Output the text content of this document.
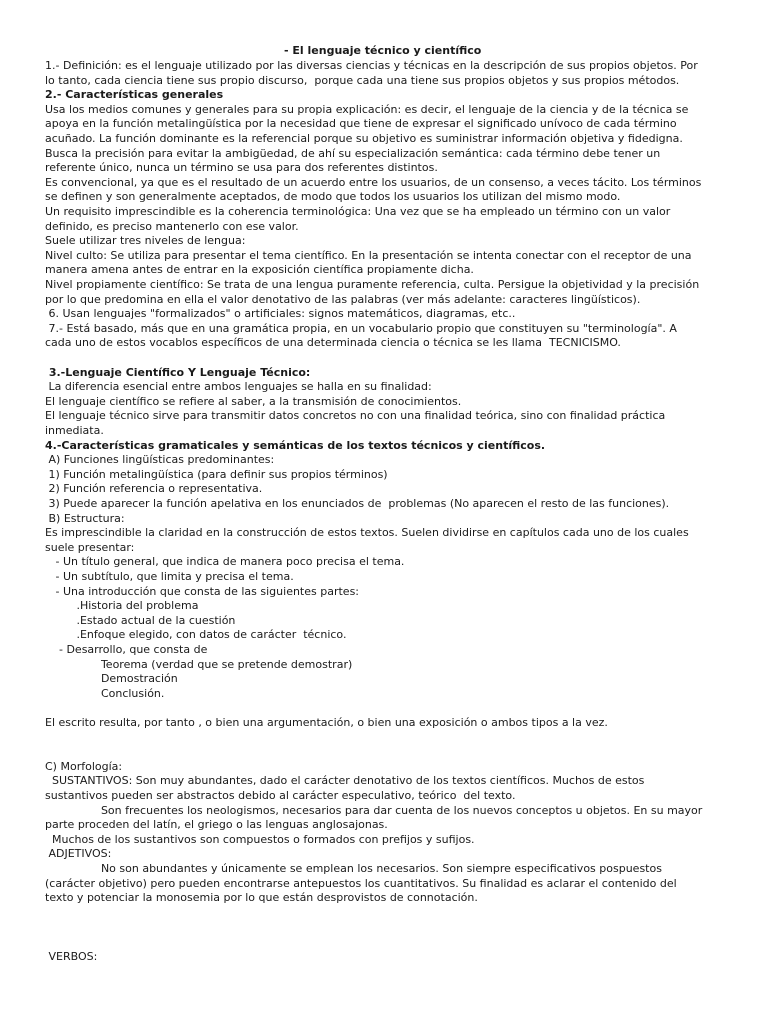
- El lenguaje técnico y científico
1.- Definición: es el lenguaje utilizado por las diversas ciencias y técnicas en la descripción de sus propios objetos. Por
lo tanto, cada ciencia tiene sus propio discurso,  porque cada una tiene sus propios objetos y sus propios métodos.
2.- Características generales
Usa los medios comunes y generales para su propia explicación: es decir, el lenguaje de la ciencia y de la técnica se
apoya en la función metalingüística por la necesidad que tiene de expresar el significado unívoco de cada término
acuñado. La función dominante es la referencial porque su objetivo es suministrar información objetiva y fidedigna.
Busca la precisión para evitar la ambigüedad, de ahí su especialización semántica: cada término debe tener un
referente único, nunca un término se usa para dos referentes distintos.
Es convencional, ya que es el resultado de un acuerdo entre los usuarios, de un consenso, a veces tácito. Los términos
se definen y son generalmente aceptados, de modo que todos los usuarios los utilizan del mismo modo.
Un requisito imprescindible es la coherencia terminológica: Una vez que se ha empleado un término con un valor
definido, es preciso mantenerlo con ese valor.
Suele utilizar tres niveles de lengua:
Nivel culto: Se utiliza para presentar el tema científico. En la presentación se intenta conectar con el receptor de una
manera amena antes de entrar en la exposición científica propiamente dicha.
Nivel propiamente científico: Se trata de una lengua puramente referencia, culta. Persigue la objetividad y la precisión
por lo que predomina en ella el valor denotativo de las palabras (ver más adelante: caracteres lingüísticos).
6. Usan lenguajes "formalizados" o artificiales: signos matemáticos, diagramas, etc..
7.- Está basado, más que en una gramática propia, en un vocabulario propio que constituyen su "terminología". A
cada uno de estos vocablos específicos de una determinada ciencia o técnica se les llama  TECNICISMO.
3.-Lenguaje Científico Y Lenguaje Técnico:
La diferencia esencial entre ambos lenguajes se halla en su finalidad:
El lenguaje científico se refiere al saber, a la transmisión de conocimientos.
El lenguaje técnico sirve para transmitir datos concretos no con una finalidad teórica, sino con finalidad práctica
inmediata.
4.-Características gramaticales y semánticas de los textos técnicos y científicos.
A) Funciones lingüísticas predominantes:
1) Función metalingüística (para definir sus propios términos)
2) Función referencia o representativa.
3) Puede aparecer la función apelativa en los enunciados de  problemas (No aparecen el resto de las funciones).
B) Estructura:
Es imprescindible la claridad en la construcción de estos textos. Suelen dividirse en capítulos cada uno de los cuales
suele presentar:
- Un título general, que indica de manera poco precisa el tema.
- Un subtítulo, que limita y precisa el tema.
- Una introducción que consta de las siguientes partes:
.Historia del problema
.Estado actual de la cuestión
.Enfoque elegido, con datos de carácter  técnico.
- Desarrollo, que consta de
Teorema (verdad que se pretende demostrar)
Demostración
Conclusión.
El escrito resulta, por tanto , o bien una argumentación, o bien una exposición o ambos tipos a la vez.
C) Morfología:
SUSTANTIVOS: Son muy abundantes, dado el carácter denotativo de los textos científicos. Muchos de estos
sustantivos pueden ser abstractos debido al carácter especulativo, teórico  del texto.
Son frecuentes los neologismos, necesarios para dar cuenta de los nuevos conceptos u objetos. En su mayor
parte proceden del latín, el griego o las lenguas anglosajonas.
Muchos de los sustantivos son compuestos o formados con prefijos y sufijos.
ADJETIVOS:
No son abundantes y únicamente se emplean los necesarios. Son siempre especificativos pospuestos
(carácter objetivo) pero pueden encontrarse antepuestos los cuantitativos. Su finalidad es aclarar el contenido del
texto y potenciar la monosemia por lo que están desprovistos de connotación.
VERBOS:
